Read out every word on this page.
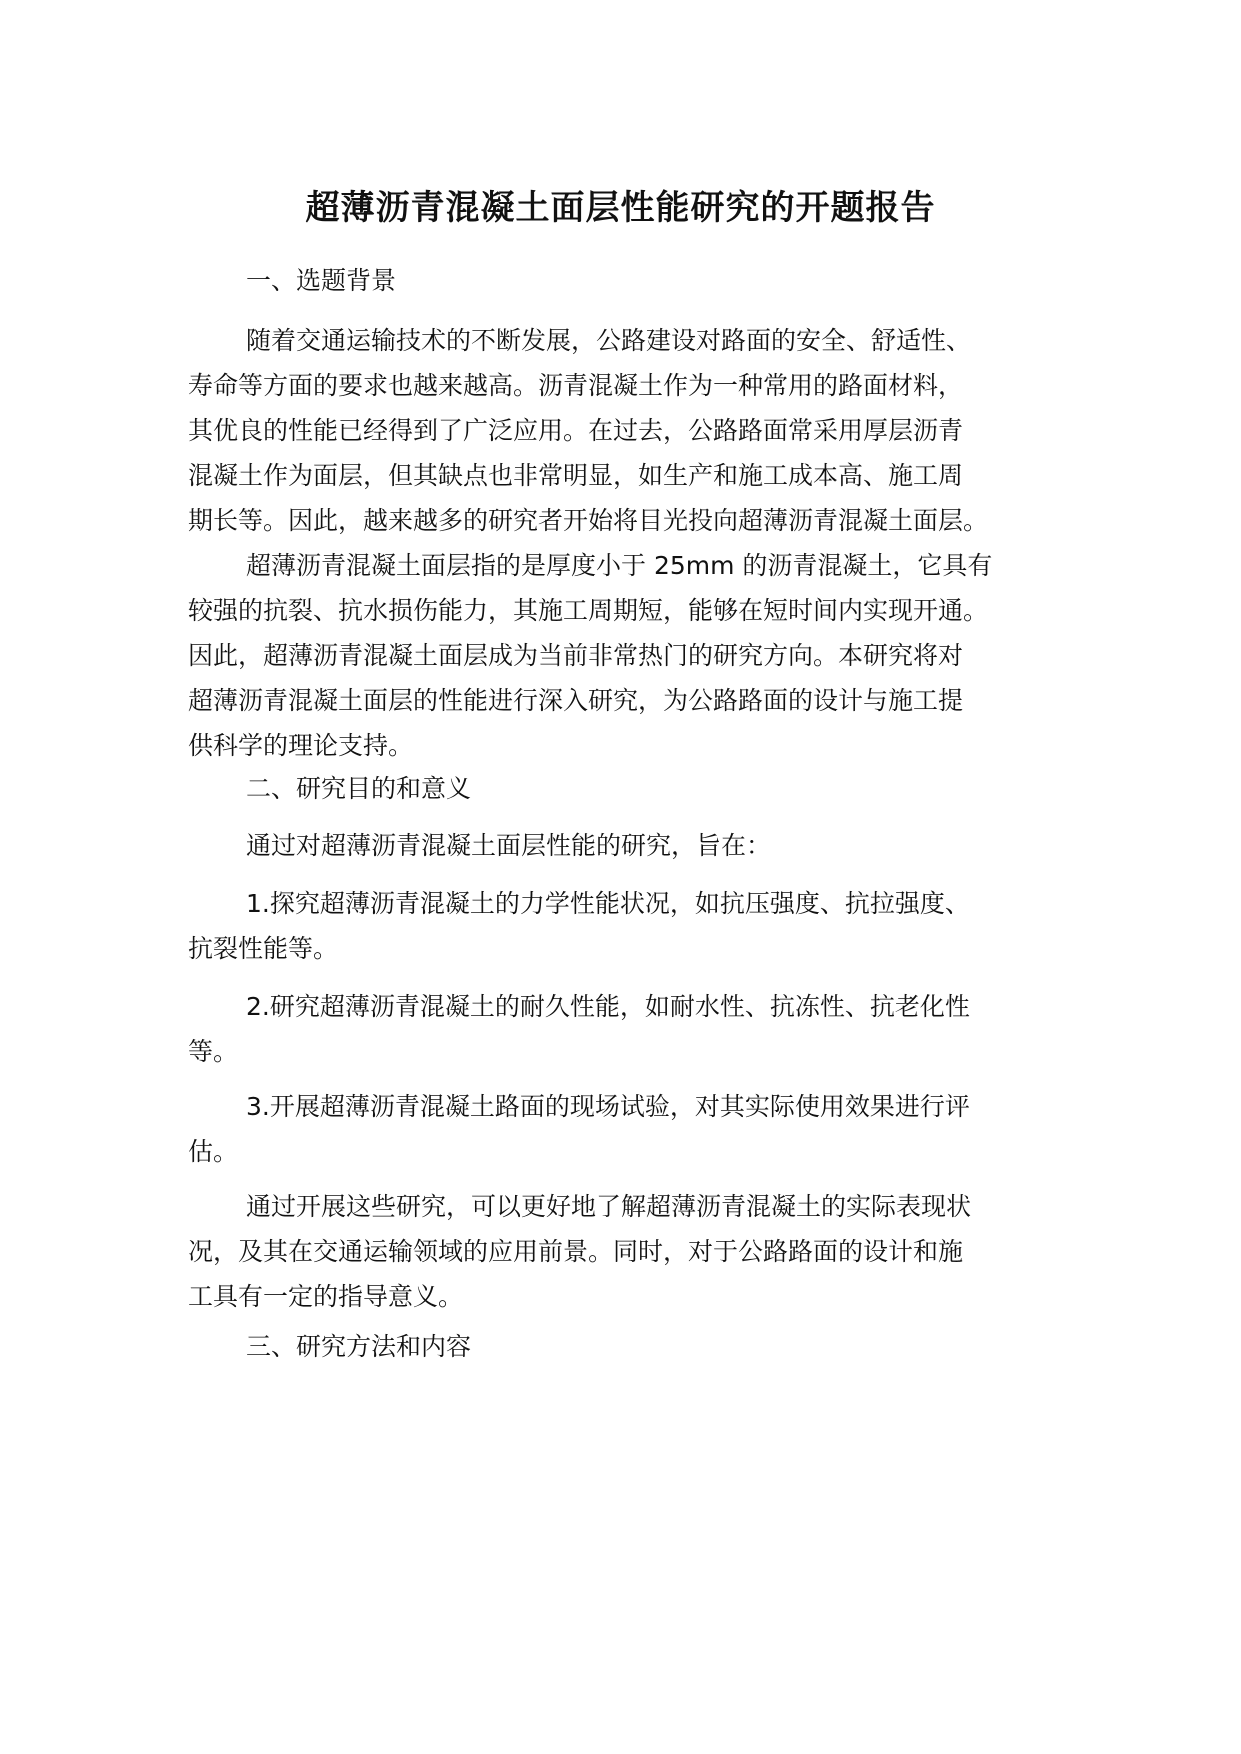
超薄沥青混凝土面层性能研究的开题报告
一、选题背景
随着交通运输技术的不断发展，公路建设对路面的安全、舒适性、
寿命等方面的要求也越来越高。沥青混凝土作为一种常用的路面材料，
其优良的性能已经得到了广泛应用。在过去，公路路面常采用厚层沥青
混凝土作为面层，但其缺点也非常明显，如生产和施工成本高、施工周
期长等。因此，越来越多的研究者开始将目光投向超薄沥青混凝土面层。
超薄沥青混凝土面层指的是厚度小于 25mm 的沥青混凝土，它具有
较强的抗裂、抗水损伤能力，其施工周期短，能够在短时间内实现开通。
因此，超薄沥青混凝土面层成为当前非常热门的研究方向。本研究将对
超薄沥青混凝土面层的性能进行深入研究，为公路路面的设计与施工提
供科学的理论支持。
二、研究目的和意义
通过对超薄沥青混凝土面层性能的研究，旨在：
1.探究超薄沥青混凝土的力学性能状况，如抗压强度、抗拉强度、
抗裂性能等。
2.研究超薄沥青混凝土的耐久性能，如耐水性、抗冻性、抗老化性
等。
3.开展超薄沥青混凝土路面的现场试验，对其实际使用效果进行评
估。
通过开展这些研究，可以更好地了解超薄沥青混凝土的实际表现状
况，及其在交通运输领域的应用前景。同时，对于公路路面的设计和施
工具有一定的指导意义。
三、研究方法和内容
